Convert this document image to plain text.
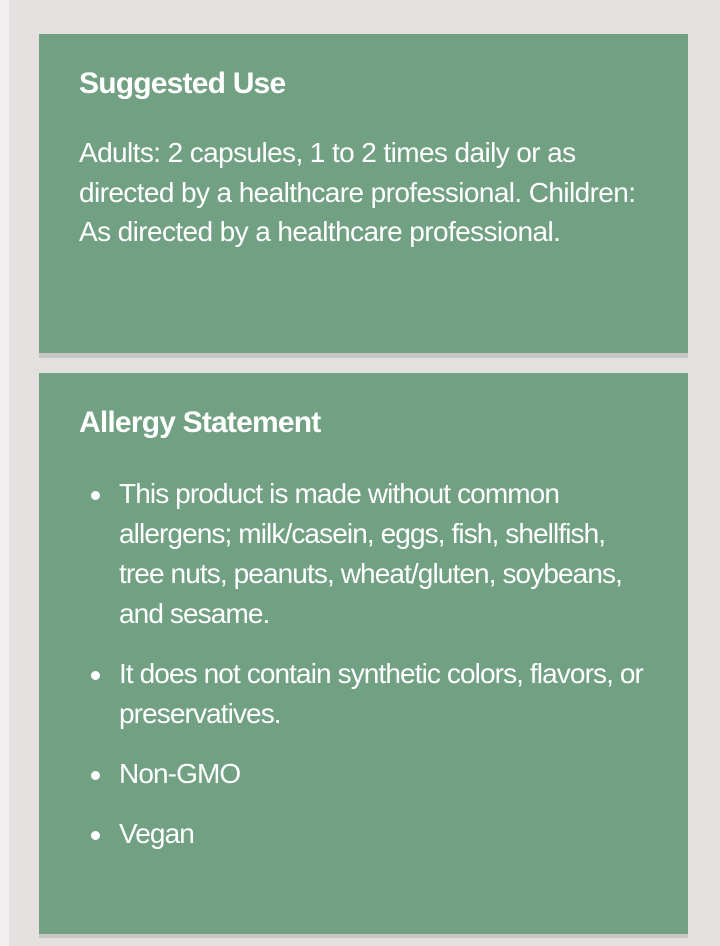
Suggested Use

Adults: 2 capsules, 1 to 2 times daily or as directed by a healthcare professional. Children: As directed by a healthcare professional.

Allergy Statement
This product is made without common allergens; milk/casein, eggs, fish, shellfish, tree nuts, peanuts, wheat/gluten, soybeans, and sesame.
It does not contain synthetic colors, flavors, or preservatives.
Non-GMO
Vegan
